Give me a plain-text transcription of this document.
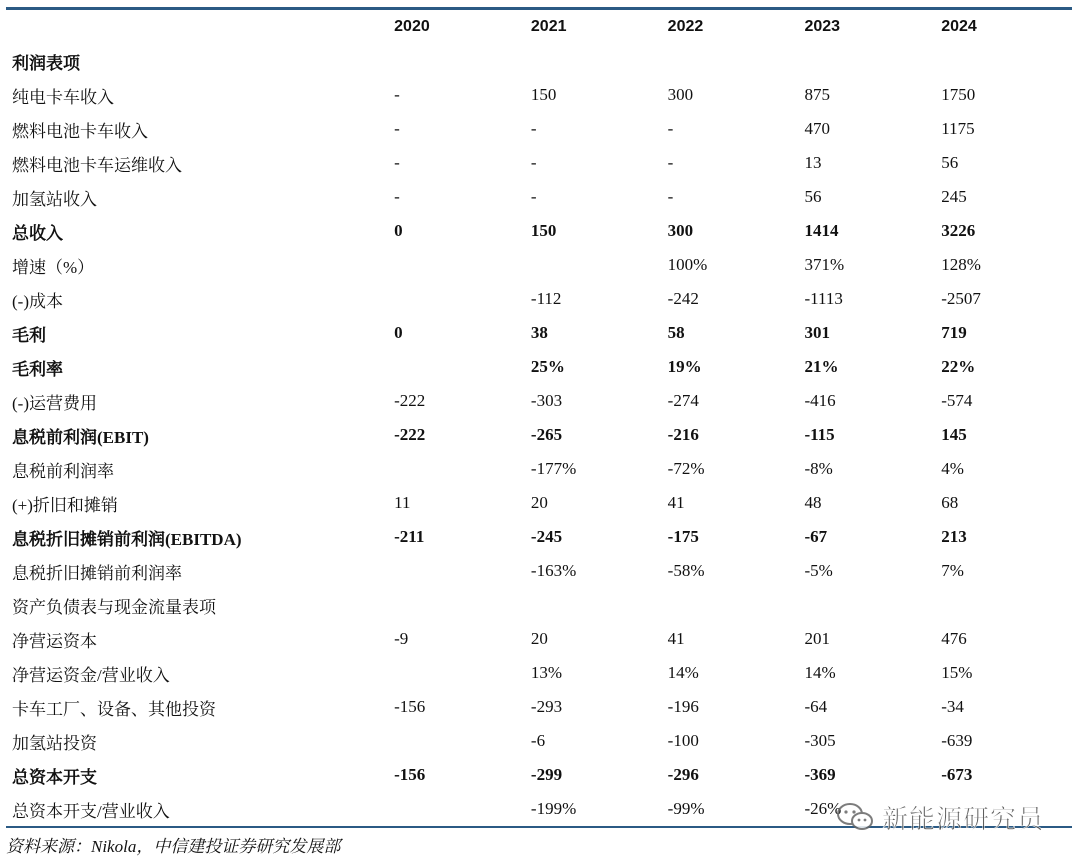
	2020	2021	2022	2023	2024
利润表项					
纯电卡车收入	-	150	300	875	1750
燃料电池卡车收入	-	-	-	470	1175
燃料电池卡车运维收入	-	-	-	13	56
加氢站收入	-	-	-	56	245
总收入	0	150	300	1414	3226
增速（%）			100%	371%	128%
(-)成本		-112	-242	-1113	-2507
毛利	0	38	58	301	719
毛利率		25%	19%	21%	22%
(-)运营费用	-222	-303	-274	-416	-574
息税前利润(EBIT)	-222	-265	-216	-115	145
息税前利润率		-177%	-72%	-8%	4%
(+)折旧和摊销	11	20	41	48	68
息税折旧摊销前利润(EBITDA)	-211	-245	-175	-67	213
息税折旧摊销前利润率		-163%	-58%	-5%	7%
资产负债表与现金流量表项					
净营运资本	-9	20	41	201	476
净营运资金/营业收入		13%	14%	14%	15%
卡车工厂、设备、其他投资	-156	-293	-196	-64	-34
加氢站投资		-6	-100	-305	-639
总资本开支	-156	-299	-296	-369	-673
总资本开支/营业收入		-199%	-99%	-26%	新能源研究员
资料来源：Nikola，中信建投证券研究发展部
